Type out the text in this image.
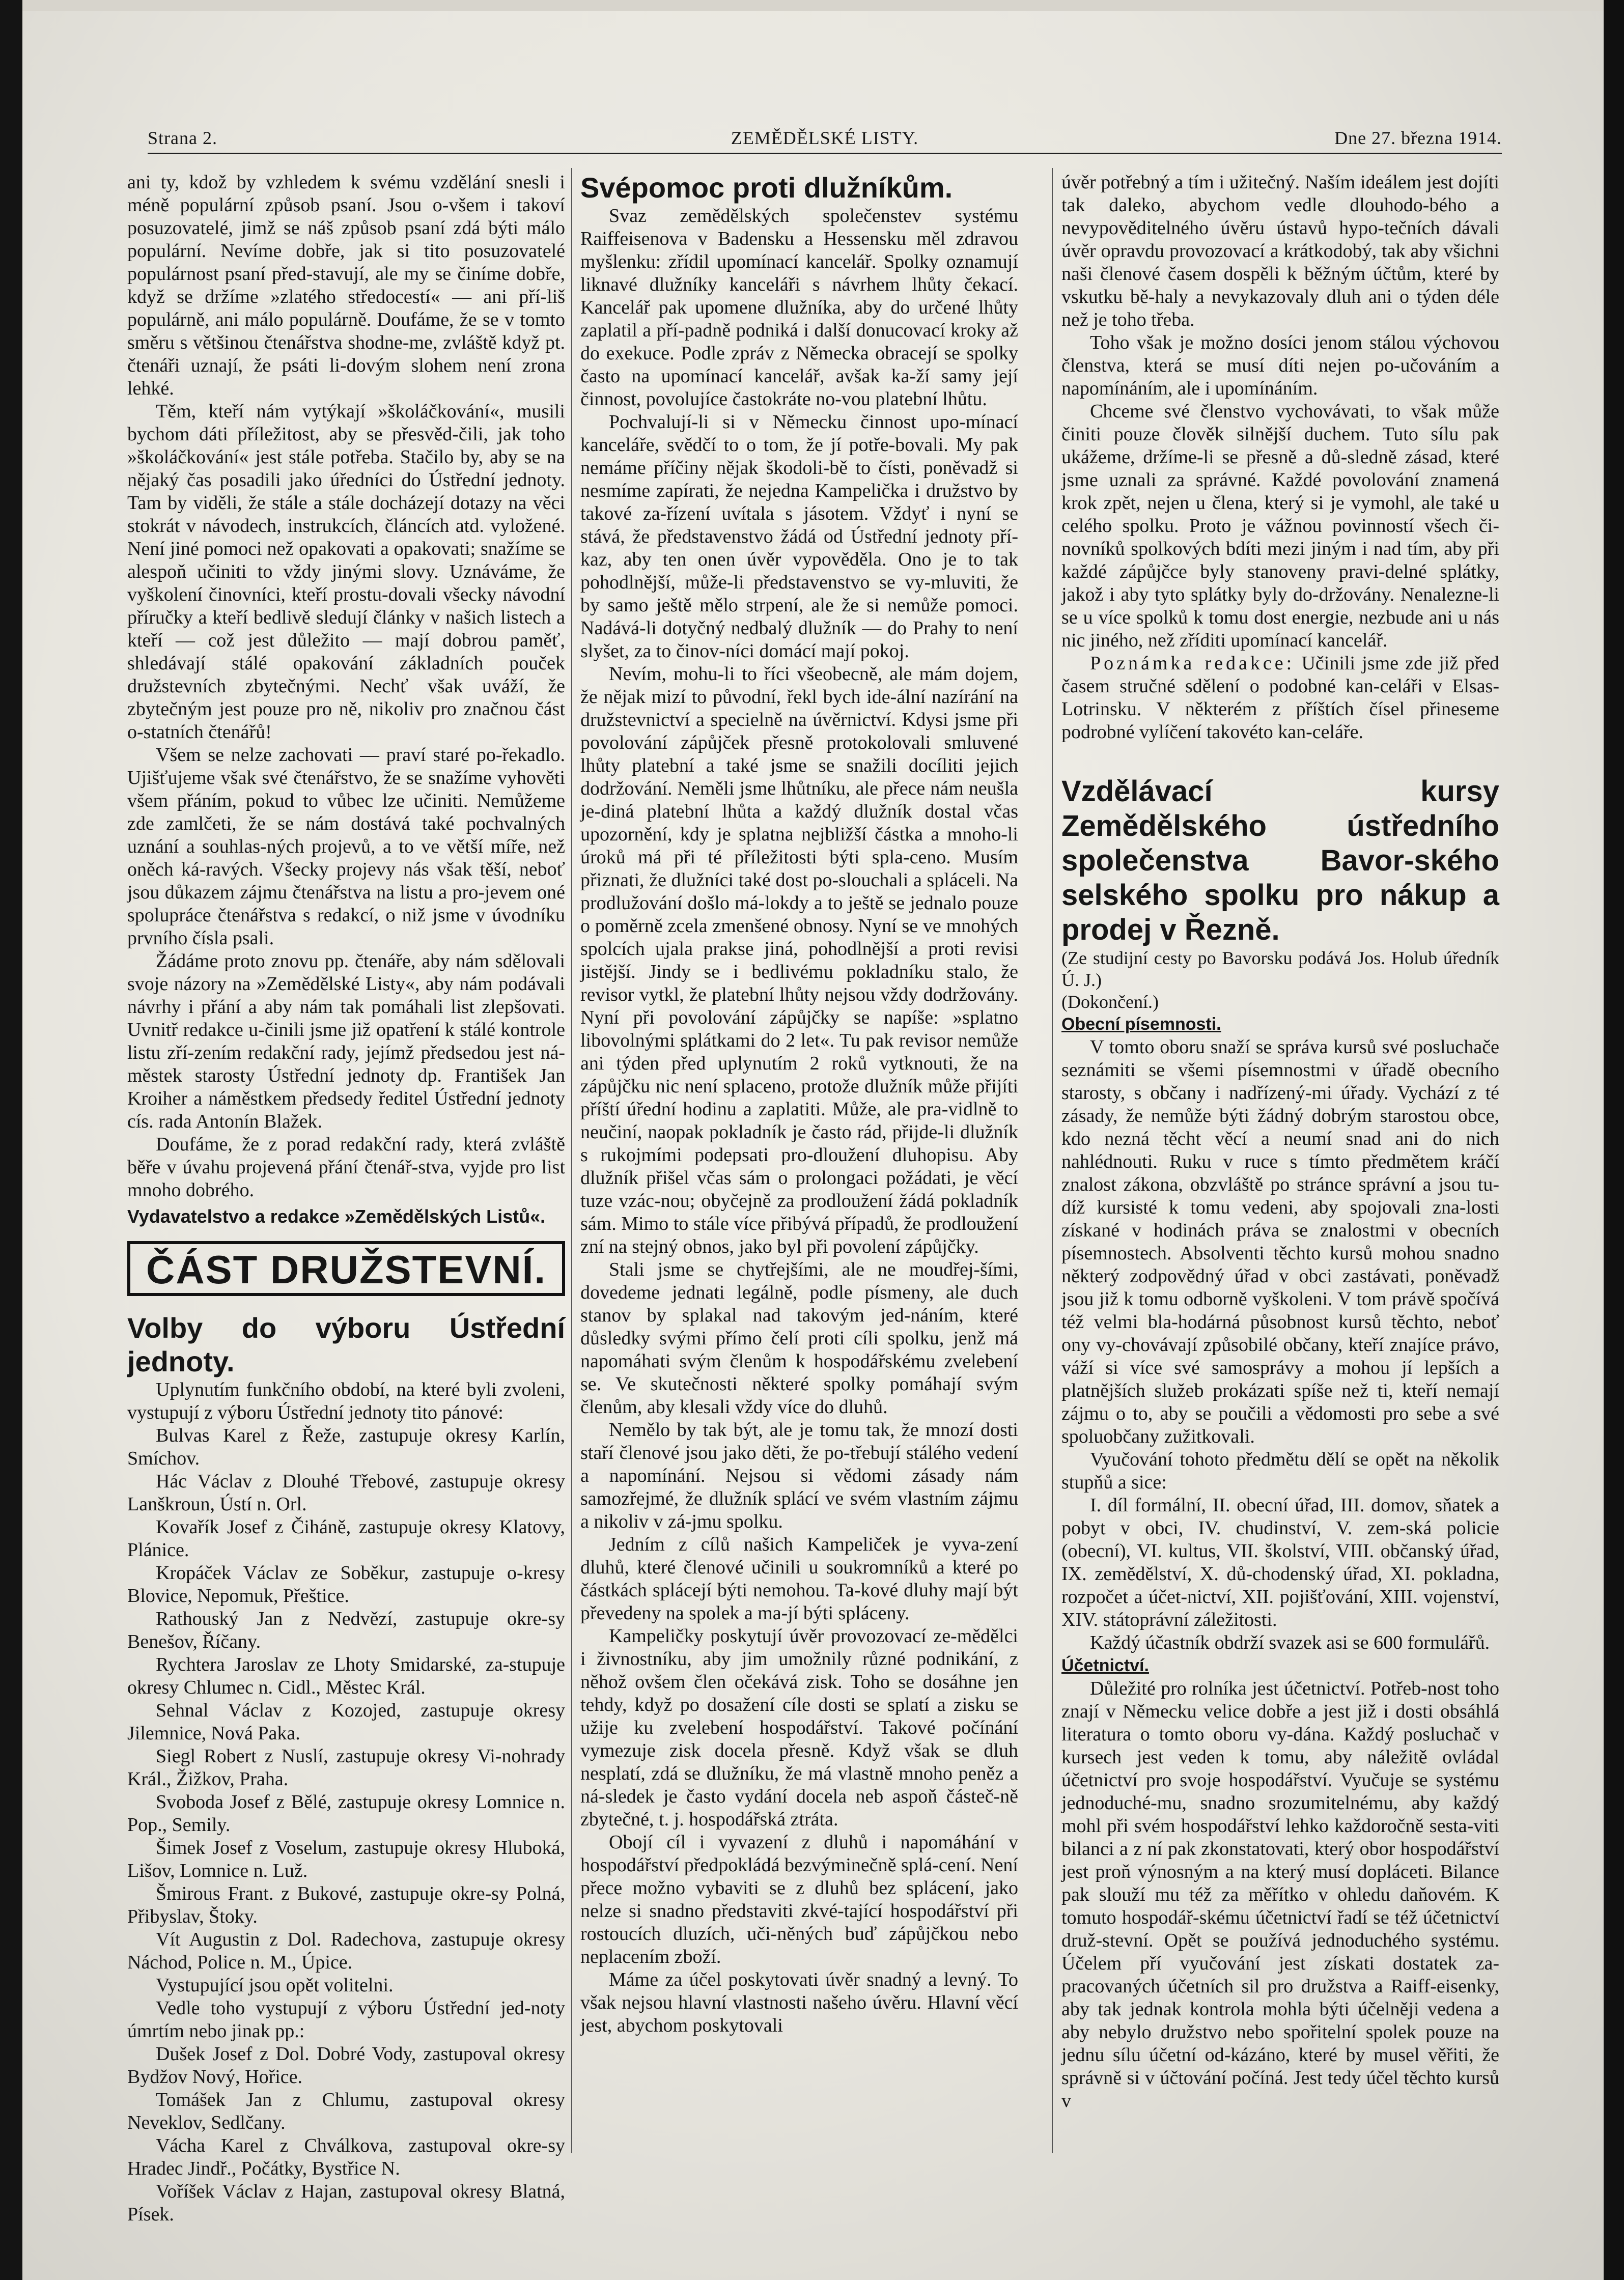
ZEMĚDĚLSKÉ LISTY.
Strana 2.	Dne 27. března 1914.

ani ty, kdož by vzhledem k svému vzdělání snesli i méně populární způsob psaní. Jsou o-všem i takoví posuzovatelé, jimž se náš způsob psaní zdá býti málo populární. Nevíme dobře, jak si tito posuzovatelé populárnost psaní před-stavují, ale my se činíme dobře, když se držíme »zlatého středocestí« — ani pří-liš populárně, ani málo populárně. Doufáme, že se v tomto směru s většinou čtenářstva shodne-me, zvláště když pt. čtenáři uznají, že psáti li-dovým slohem není zrona lehké.

Těm, kteří nám vytýkají »školáčkování«, musili bychom dáti příležitost, aby se přesvěd-čili, jak toho »školáčkování« jest stále potřeba. Stačilo by, aby se na nějaký čas posadili jako úředníci do Ústřední jednoty. Tam by viděli, že stále a stále docházejí dotazy na věci stokrát v návodech, instrukcích, článcích atd. vyložené. Není jiné pomoci než opakovati a opakovati; snažíme se alespoň učiniti to vždy jinými slovy. Uznáváme, že vyškolení činovníci, kteří prostu-dovali všecky návodní příručky a kteří bedlivě sledují články v našich listech a kteří — což jest důležito — mají dobrou paměť, shledávají stálé opakování základních pouček družstevních zbytečnými. Nechť však uváží, že zbytečným jest pouze pro ně, nikoliv pro značnou část o-statních čtenářů!

Všem se nelze zachovati — praví staré po-řekadlo. Ujišťujeme však své čtenářstvo, že se snažíme vyhověti všem přáním, pokud to vůbec lze učiniti. Nemůžeme zde zamlčeti, že se nám dostává také pochvalných uznání a souhlas-ných projevů, a to ve větší míře, než oněch ká-ravých. Všecky projevy nás však těší, neboť jsou důkazem zájmu čtenářstva na listu a pro-jevem oné spolupráce čtenářstva s redakcí, o niž jsme v úvodníku prvního čísla psali.

Žádáme proto znovu pp. čtenáře, aby nám sdělovali svoje názory na »Zemědělské Listy«, aby nám podávali návrhy i přání a aby nám tak pomáhali list zlepšovati. Uvnitř redakce u-činili jsme již opatření k stálé kontrole listu zří-zením redakční rady, jejímž předsedou jest ná-městek starosty Ústřední jednoty dp. František Jan Kroiher a náměstkem předsedy ředitel Ústřední jednoty cís. rada Antonín Blažek.

Doufáme, že z porad redakční rady, která zvláště běře v úvahu projevená přání čtenář-stva, vyjde pro list mnoho dobrého.

Vydavatelstvo a redakce »Zemědělských Listů«.

ČÁST DRUŽSTEVNÍ.

Volby do výboru Ústřední jednoty.

Uplynutím funkčního období, na které byli zvoleni, vystupují z výboru Ústřední jednoty tito pánové:

Bulvas Karel z Řeže, zastupuje okresy Karlín, Smíchov.

Hác Václav z Dlouhé Třebové, zastupuje okresy Lanškroun, Ústí n. Orl.

Kovařík Josef z Čiháně, zastupuje okresy Klatovy, Plánice.

Kropáček Václav ze Soběkur, zastupuje o-kresy Blovice, Nepomuk, Přeštice.

Rathouský Jan z Nedvězí, zastupuje okre-sy Benešov, Říčany.

Rychtera Jaroslav ze Lhoty Smidarské, za-stupuje okresy Chlumec n. Cidl., Městec Král.

Sehnal Václav z Kozojed, zastupuje okresy Jilemnice, Nová Paka.

Siegl Robert z Nuslí, zastupuje okresy Vi-nohrady Král., Žižkov, Praha.

Svoboda Josef z Bělé, zastupuje okresy Lomnice n. Pop., Semily.

Šimek Josef z Voselum, zastupuje okresy Hluboká, Lišov, Lomnice n. Luž.

Šmirous Frant. z Bukové, zastupuje okre-sy Polná, Přibyslav, Štoky.

Vít Augustin z Dol. Radechova, zastupuje okresy Náchod, Police n. M., Úpice.

Vystupující jsou opět volitelni.

Vedle toho vystupují z výboru Ústřední jed-noty úmrtím nebo jinak pp.:

Dušek Josef z Dol. Dobré Vody, zastupoval okresy Bydžov Nový, Hořice.

Tomášek Jan z Chlumu, zastupoval okresy Neveklov, Sedlčany.

Vácha Karel z Chválkova, zastupoval okre-sy Hradec Jindř., Počátky, Bystřice N.

Voříšek Václav z Hajan, zastupoval okresy Blatná, Písek.

Svépomoc proti dlužníkům.

Svaz zemědělských společenstev systému Raiffeisenova v Badensku a Hessensku měl zdravou myšlenku: zřídil upomínací kancelář. Spolky oznamují liknavé dlužníky kanceláři s návrhem lhůty čekací. Kancelář pak upomene dlužníka, aby do určené lhůty zaplatil a pří-padně podniká i další donucovací kroky až do exekuce. Podle zpráv z Německa obracejí se spolky často na upomínací kancelář, avšak ka-ží samy její činnost, povolujíce častokráte no-vou platební lhůtu.

Pochvalují-li si v Německu činnost upo-mínací kanceláře, svědčí to o tom, že jí potře-bovali. My pak nemáme příčiny nějak škodoli-bě to čísti, poněvadž si nesmíme zapírati, že nejedna Kampelička i družstvo by takové za-řízení uvítala s jásotem. Vždyť i nyní se stává, že představenstvo žádá od Ústřední jednoty pří-kaz, aby ten onen úvěr vypověděla. Ono je to tak pohodlnější, může-li představenstvo se vy-mluviti, že by samo ještě mělo strpení, ale že si nemůže pomoci. Nadává-li dotyčný nedbalý dlužník — do Prahy to není slyšet, za to činov-níci domácí mají pokoj.

Nevím, mohu-li to říci všeobecně, ale mám dojem, že nějak mizí to původní, řekl bych ide-ální nazírání na družstevnictví a specielně na úvěrnictví. Kdysi jsme při povolování zápůjček přesně protokolovali smluvené lhůty platební a také jsme se snažili docíliti jejich dodržování. Neměli jsme lhůtníku, ale přece nám neušla je-diná platební lhůta a každý dlužník dostal včas upozornění, kdy je splatna nejbližší částka a mnoho-li úroků má při té příležitosti býti spla-ceno. Musím přiznati, že dlužníci také dost po-slouchali a spláceli. Na prodlužování došlo má-lokdy a to ještě se jednalo pouze o poměrně zcela zmenšené obnosy. Nyní se ve mnohých spolcích ujala prakse jiná, pohodlnější a proti revisi jistější. Jindy se i bedlivému pokladníku stalo, že revisor vytkl, že platební lhůty nejsou vždy dodržovány. Nyní při povolování zápůjčky se napíše: »splatno libovolnými splátkami do 2 let«. Tu pak revisor nemůže ani týden před uplynutím 2 roků vytknouti, že na zápůjčku nic není splaceno, protože dlužník může přijíti příští úřední hodinu a zaplatiti. Může, ale pra-vidlně to neučiní, naopak pokladník je často rád, přijde-li dlužník s rukojmími podepsati pro-dloužení dluhopisu. Aby dlužník přišel včas sám o prolongaci požádati, je věcí tuze vzác-nou; obyčejně za prodloužení žádá pokladník sám. Mimo to stále více přibývá případů, že prodloužení zní na stejný obnos, jako byl při povolení zápůjčky.

Stali jsme se chytřejšími, ale ne moudřej-šími, dovedeme jednati legálně, podle písmeny, ale duch stanov by splakal nad takovým jed-náním, které důsledky svými přímo čelí proti cíli spolku, jenž má napomáhati svým členům k hospodářskému zvelebení se. Ve skutečnosti některé spolky pomáhají svým členům, aby klesali vždy více do dluhů.

Nemělo by tak být, ale je tomu tak, že mnozí dosti staří členové jsou jako děti, že po-třebují stálého vedení a napomínání. Nejsou si vědomi zásady nám samozřejmé, že dlužník splácí ve svém vlastním zájmu a nikoliv v zá-jmu spolku.

Jedním z cílů našich Kampeliček je vyva-zení dluhů, které členové učinili u soukromníků a které po částkách splácejí býti nemohou. Ta-kové dluhy mají být převedeny na spolek a ma-jí býti spláceny.

Kampeličky poskytují úvěr provozovací ze-mědělci i živnostníku, aby jim umožnily různé podnikání, z něhož ovšem člen očekává zisk. Toho se dosáhne jen tehdy, když po dosažení cíle dosti se splatí a zisku se užije ku zvelebení hospodářství. Takové počínání vymezuje zisk docela přesně. Když však se dluh nesplatí, zdá se dlužníku, že má vlastně mnoho peněz a ná-sledek je často vydání docela neb aspoň částeč-ně zbytečné, t. j. hospodářská ztráta.

Obojí cíl i vyvazení z dluhů i napomáhání v hospodářství předpokládá bezvýminečně splá-cení. Není přece možno vybaviti se z dluhů bez splácení, jako nelze si snadno představiti zkvé-tající hospodářství při rostoucích dluzích, uči-něných buď zápůjčkou nebo neplacením zboží.

Máme za účel poskytovati úvěr snadný a levný. To však nejsou hlavní vlastnosti našeho úvěru. Hlavní věcí jest, abychom poskytovali

úvěr potřebný a tím i užitečný. Naším ideálem jest dojíti tak daleko, abychom vedle dlouhodo-bého a nevypověditelného úvěru ústavů hypo-tečních dávali úvěr opravdu provozovací a krátkodobý, tak aby všichni naši členové časem dospěli k běžným účtům, které by vskutku bě-haly a nevykazovaly dluh ani o týden déle než je toho třeba.

Toho však je možno dosíci jenom stálou výchovou členstva, která se musí díti nejen po-učováním a napomínáním, ale i upomínáním.

Chceme své členstvo vychovávati, to však může činiti pouze člověk silnější duchem. Tuto sílu pak ukážeme, držíme-li se přesně a dů-sledně zásad, které jsme uznali za správné. Každé povolování znamená krok zpět, nejen u člena, který si je vymohl, ale také u celého spolku. Proto je vážnou povinností všech či-novníků spolkových bdíti mezi jiným i nad tím, aby při každé zápůjčce byly stanoveny pravi-delné splátky, jakož i aby tyto splátky byly do-držovány. Nenalezne-li se u více spolků k tomu dost energie, nezbude ani u nás nic jiného, než zříditi upomínací kancelář.

Poznámka redakce: Učinili jsme zde již před časem stručné sdělení o podobné kan-celáři v Elsas-Lotrinsku. V některém z příštích čísel přineseme podrobné vylíčení takovéto kan-celáře.

Vzdělávací kursy Zemědělského ústředního společenstva Bavor-ského selského spolku pro nákup a prodej v Řezně.

(Ze studijní cesty po Bavorsku podává Jos. Holub úředník Ú. J.)

(Dokončení.)

Obecní písemnosti.

V tomto oboru snaží se správa kursů své posluchače seznámiti se všemi písemnostmi v úřadě obecního starosty, s občany i nadřízený-mi úřady. Vychází z té zásady, že nemůže býti žádný dobrým starostou obce, kdo nezná těcht věcí a neumí snad ani do nich nahlédnouti. Ruku v ruce s tímto předmětem kráčí znalost zákona, obzvláště po stránce správní a jsou tu-díž kursisté k tomu vedeni, aby spojovali zna-losti získané v hodinách práva se znalostmi v obecních písemnostech. Absolventi těchto kursů mohou snadno některý zodpovědný úřad v obci zastávati, poněvadž jsou již k tomu odborně vyškoleni. V tom právě spočívá též velmi bla-hodárná působnost kursů těchto, neboť ony vy-chovávají způsobilé občany, kteří znajíce právo, váží si více své samosprávy a mohou jí lepších a platnějších služeb prokázati spíše než ti, kteří nemají zájmu o to, aby se poučili a vědomosti pro sebe a své spoluobčany zužitkovali.

Vyučování tohoto předmětu dělí se opět na několik stupňů a sice:

I. díl formální, II. obecní úřad, III. domov, sňatek a pobyt v obci, IV. chudinství, V. zem-ská policie (obecní), VI. kultus, VII. školství, VIII. občanský úřad, IX. zemědělství, X. dů-chodenský úřad, XI. pokladna, rozpočet a účet-nictví, XII. pojišťování, XIII. vojenství, XIV. státoprávní záležitosti.

Každý účastník obdrží svazek asi se 600 formulářů.

Účetnictví.

Důležité pro rolníka jest účetnictví. Potřeb-nost toho znají v Německu velice dobře a jest již i dosti obsáhlá literatura o tomto oboru vy-dána. Každý posluchač v kursech jest veden k tomu, aby náležitě ovládal účetnictví pro svoje hospodářství. Vyučuje se systému jednoduché-mu, snadno srozumitelnému, aby každý mohl při svém hospodářství lehko každoročně sesta-viti bilanci a z ní pak zkonstatovati, který obor hospodářství jest proň výnosným a na který musí dopláceti. Bilance pak slouží mu též za měřítko v ohledu daňovém. K tomuto hospodář-skému účetnictví řadí se též účetnictví druž-stevní. Opět se používá jednoduchého systému. Účelem pří vyučování jest získati dostatek za-pracovaných účetních sil pro družstva a Raiff-eisenky, aby tak jednak kontrola mohla býti účelněji vedena a aby nebylo družstvo nebo spořitelní spolek pouze na jednu sílu účetní od-kázáno, které by musel věřiti, že správně si v účtování počíná. Jest tedy účel těchto kursů v
